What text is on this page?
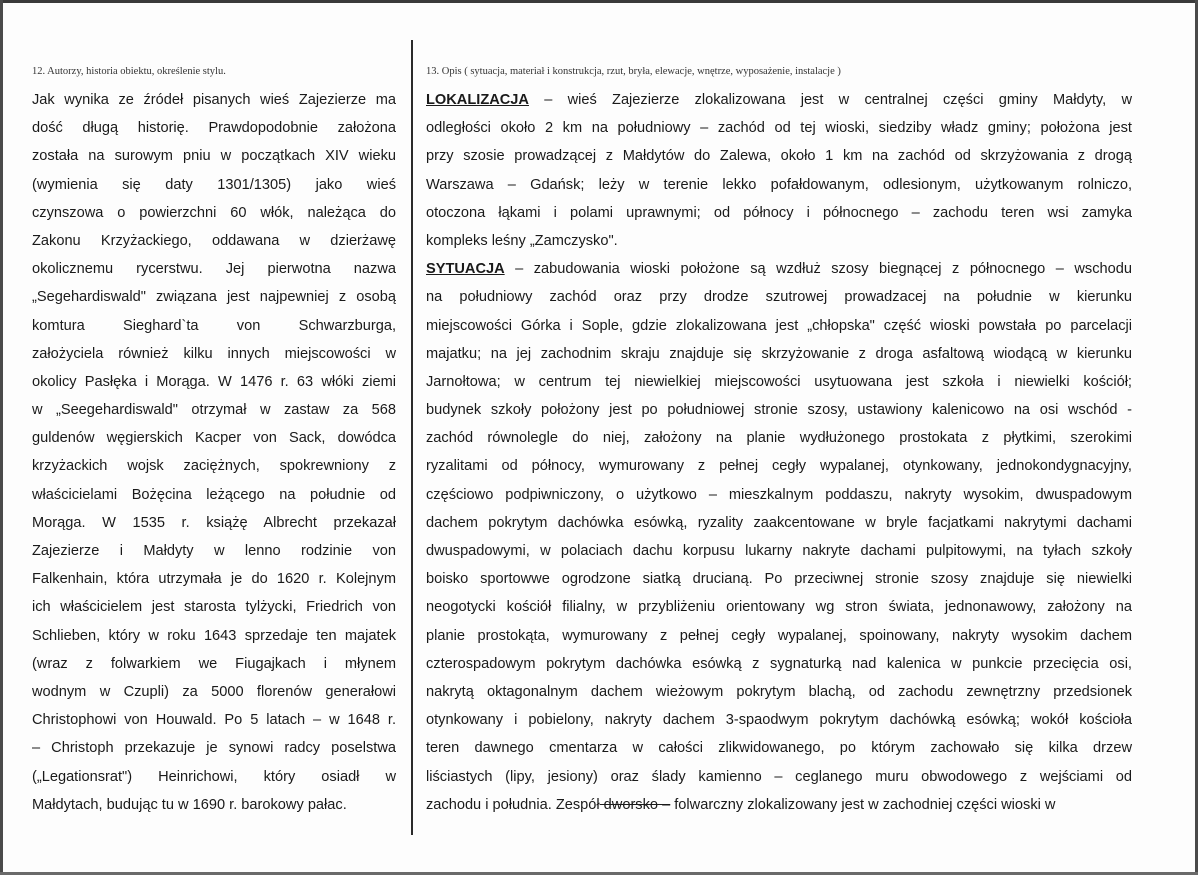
12. Autorzy, historia obiektu, określenie stylu.
Jak wynika ze źródeł pisanych wieś Zajezierze ma
dość długą historię. Prawdopodobnie założona
została na surowym pniu w początkach XIV wieku
(wymienia się daty 1301/1305) jako wieś
czynszowa o powierzchni 60 włók, należąca do
Zakonu Krzyżackiego, oddawana w dzierżawę
okolicznemu rycerstwu. Jej pierwotna nazwa
„Segehardiswald" związana jest najpewniej z osobą
komtura Sieghard`ta von Schwarzburga,
założyciela również kilku innych miejscowości w
okolicy Pasłęka i Morąga. W 1476 r. 63 włóki ziemi
w „Seegehardiswald" otrzymał w zastaw za 568
guldenów węgierskich Kacper von Sack, dowódca
krzyżackich wojsk zaciężnych, spokrewniony z
właścicielami Bożęcina leżącego na południe od
Morąga. W 1535 r. książę Albrecht przekazał
Zajezierze i Małdyty w lenno rodzinie von
Falkenhain, która utrzymała je do 1620 r. Kolejnym
ich właścicielem jest starosta tylżycki, Friedrich von
Schlieben, który w roku 1643 sprzedaje ten majatek
(wraz z folwarkiem we Fiugajkach i młynem
wodnym w Czupli) za 5000 florenów generałowi
Christophowi von Houwald. Po 5 latach – w 1648 r.
– Christoph przekazuje je synowi radcy poselstwa
(„Legationsrat") Heinrichowi, który osiadł w
Małdytach, budując tu w 1690 r. barokowy pałac.
13. Opis ( sytuacja, materiał i konstrukcja, rzut, bryła, elewacje, wnętrze, wyposażenie, instalacje )
LOKALIZACJA – wieś Zajezierze zlokalizowana jest w centralnej części gminy Małdyty, w
odległości około 2 km na południowy – zachód od tej wioski, siedziby władz gminy; położona jest
przy szosie prowadzącej z Małdytów do Zalewa, około 1 km na zachód od skrzyżowania z drogą
Warszawa – Gdańsk; leży w terenie lekko pofałdowanym, odlesionym, użytkowanym rolniczo,
otoczona łąkami i polami uprawnymi; od północy i północnego – zachodu teren wsi zamyka
kompleks leśny „Zamczysko".
SYTUACJA – zabudowania wioski położone są wzdłuż szosy biegnącej z północnego – wschodu
na południowy zachód oraz przy drodze szutrowej prowadzacej na południe w kierunku
miejscowości Górka i Sople, gdzie zlokalizowana jest „chłopska" część wioski powstała po parcelacji
majatku; na jej zachodnim skraju znajduje się skrzyżowanie z droga asfaltową wiodącą w kierunku
Jarnołtowa; w centrum tej niewielkiej miejscowości usytuowana jest szkoła i niewielki kościół;
budynek szkoły położony jest po południowej stronie szosy, ustawiony kalenicowo na osi wschód -
zachód równolegle do niej, założony na planie wydłużonego prostokata z płytkimi, szerokimi
ryzalitami od północy, wymurowany z pełnej cegły wypalanej, otynkowany, jednokondygnacyjny,
częściowo podpiwniczony, o użytkowo – mieszkalnym poddaszu, nakryty wysokim, dwuspadowym
dachem pokrytym dachówka esówką, ryzality zaakcentowane w bryle facjatkami nakrytymi dachami
dwuspadowymi, w polaciach dachu korpusu lukarny nakryte dachami pulpitowymi, na tyłach szkoły
boisko sportowwe ogrodzone siatką drucianą. Po przeciwnej stronie szosy znajduje się niewielki
neogotycki kościół filialny, w przybliżeniu orientowany wg stron świata, jednonawowy, założony na
planie prostokąta, wymurowany z pełnej cegły wypalanej, spoinowany, nakryty wysokim dachem
czterospadowym pokrytym dachówka esówką z sygnaturką nad kalenica w punkcie przecięcia osi,
nakrytą oktagonalnym dachem wieżowym pokrytym blachą, od zachodu zewnętrzny przedsionek
otynkowany i pobielony, nakryty dachem 3-spaodwym pokrytym dachówką esówką; wokół kościoła
teren dawnego cmentarza w całości zlikwidowanego, po którym zachowało się kilka drzew
liściastych (lipy, jesiony) oraz ślady kamienno – ceglanego muru obwodowego z wejściami od
zachodu i południa. Zespół dworsko – folwarczny zlokalizowany jest w zachodniej części wioski w
